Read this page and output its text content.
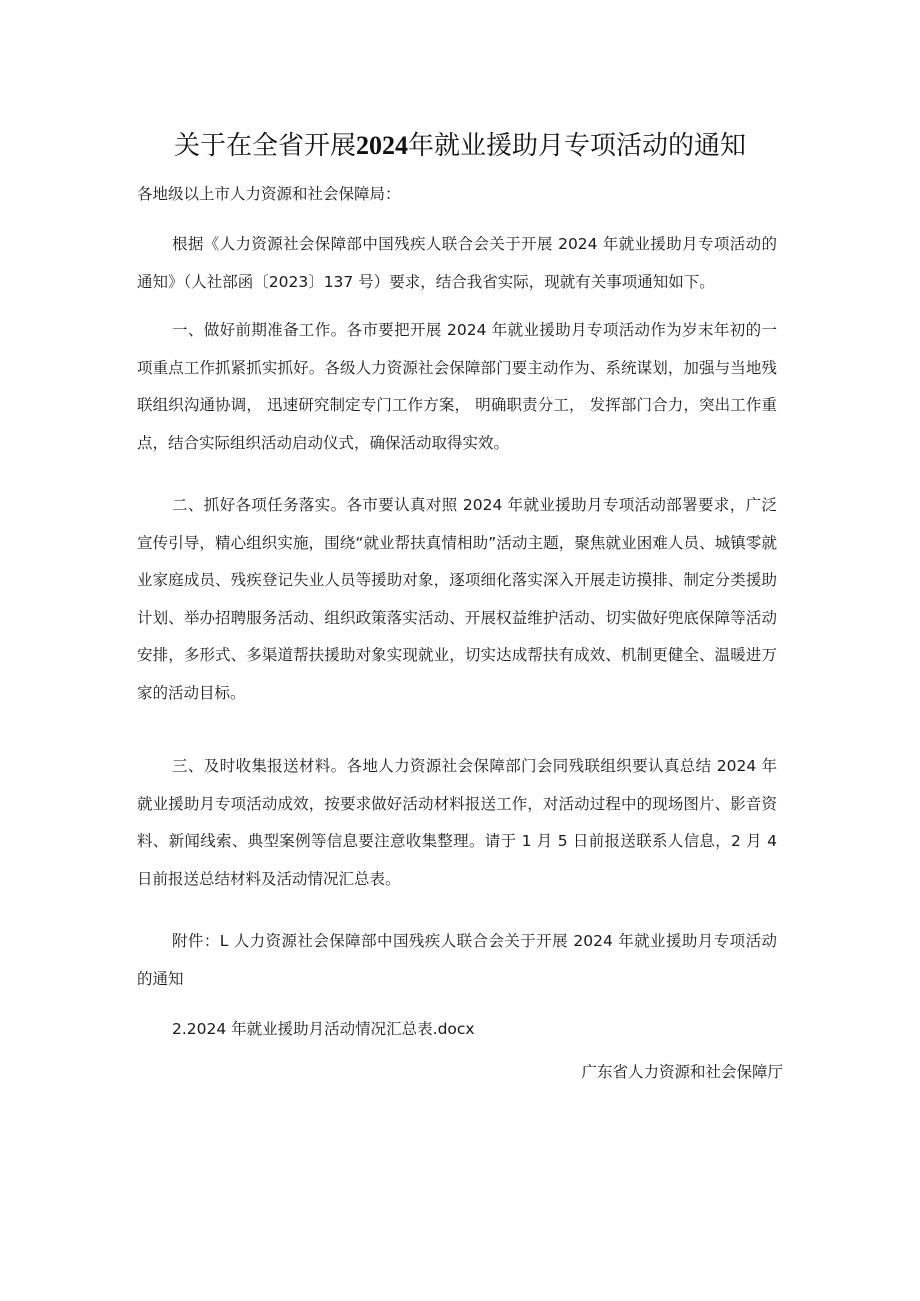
关于在全省开展2024年就业援助月专项活动的通知
各地级以上市人力资源和社会保障局：

根据《人力资源社会保障部中国残疾人联合会关于开展 2024 年就业援助月专项活动的通知》（人社部函〔2023〕137 号）要求，结合我省实际，现就有关事项通知如下。

一、做好前期准备工作。各市要把开展 2024 年就业援助月专项活动作为岁末年初的一项重点工作抓紧抓实抓好。各级人力资源社会保障部门要主动作为、系统谋划，加强与当地残联组织沟通协调， 迅速研究制定专门工作方案， 明确职责分工， 发挥部门合力，突出工作重点，结合实际组织活动启动仪式，确保活动取得实效。

二、抓好各项任务落实。各市要认真对照 2024 年就业援助月专项活动部署要求，广泛宣传引导，精心组织实施，围绕“就业帮扶真情相助”活动主题，聚焦就业困难人员、城镇零就业家庭成员、残疾登记失业人员等援助对象，逐项细化落实深入开展走访摸排、制定分类援助计划、举办招聘服务活动、组织政策落实活动、开展权益维护活动、切实做好兜底保障等活动安排，多形式、多渠道帮扶援助对象实现就业，切实达成帮扶有成效、机制更健全、温暖进万家的活动目标。

三、及时收集报送材料。各地人力资源社会保障部门会同残联组织要认真总结 2024 年就业援助月专项活动成效，按要求做好活动材料报送工作，对活动过程中的现场图片、影音资料、新闻线索、典型案例等信息要注意收集整理。请于 1 月 5 日前报送联系人信息，2 月 4 日前报送总结材料及活动情况汇总表。

附件：L 人力资源社会保障部中国残疾人联合会关于开展 2024 年就业援助月专项活动的通知

2.2024 年就业援助月活动情况汇总表.docx
广东省人力资源和社会保障厅
